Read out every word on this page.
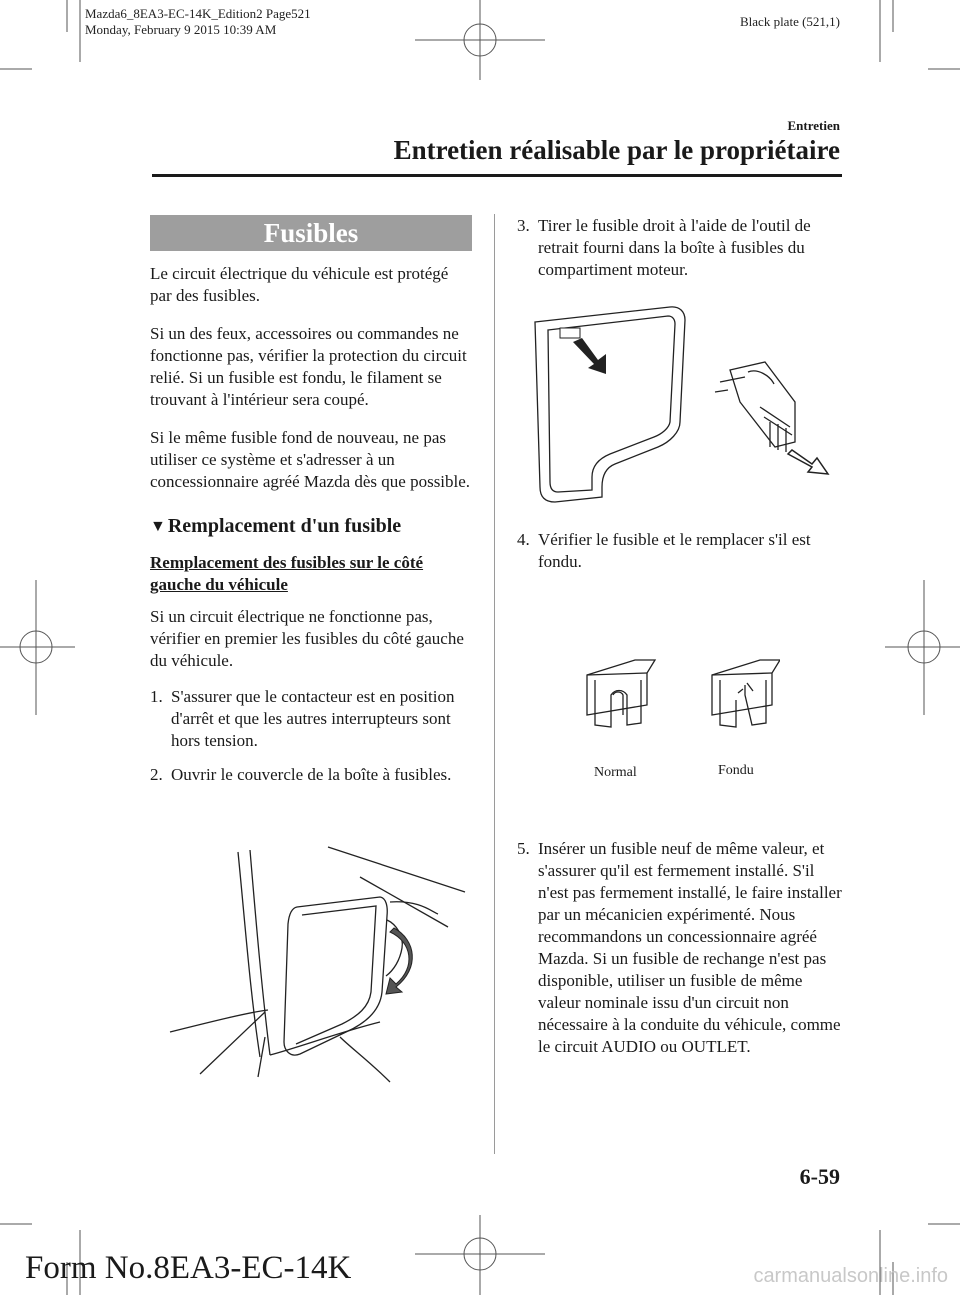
Mazda6_8EA3-EC-14K_Edition2 Page521
Monday, February 9 2015 10:39 AM
Black plate (521,1)
Entretien
Entretien réalisable par le propriétaire
Fusibles

Le circuit électrique du véhicule est protégé par des fusibles.

Si un des feux, accessoires ou commandes ne fonctionne pas, vérifier la protection du circuit relié. Si un fusible est fondu, le filament se trouvant à l'intérieur sera coupé.

Si le même fusible fond de nouveau, ne pas utiliser ce système et s'adresser à un concessionnaire agréé Mazda dès que possible.

▼ Remplacement d'un fusible
Remplacement des fusibles sur le côté gauche du véhicule

Si un circuit électrique ne fonctionne pas, vérifier en premier les fusibles du côté gauche du véhicule.

1. S'assurer que le contacteur est en position d'arrêt et que les autres interrupteurs sont hors tension.
2. Ouvrir le couvercle de la boîte à fusibles.
3. Tirer le fusible droit à l'aide de l'outil de retrait fourni dans la boîte à fusibles du compartiment moteur.
4. Vérifier le fusible et le remplacer s'il est fondu.
Normal	Fondu
5. Insérer un fusible neuf de même valeur, et s'assurer qu'il est fermement installé. S'il n'est pas fermement installé, le faire installer par un mécanicien expérimenté. Nous recommandons un concessionnaire agréé Mazda. Si un fusible de rechange n'est pas disponible, utiliser un fusible de même valeur nominale issu d'un circuit non nécessaire à la conduite du véhicule, comme le circuit AUDIO ou OUTLET.
6-59
Form No.8EA3-EC-14K	carmanualsonline.info
